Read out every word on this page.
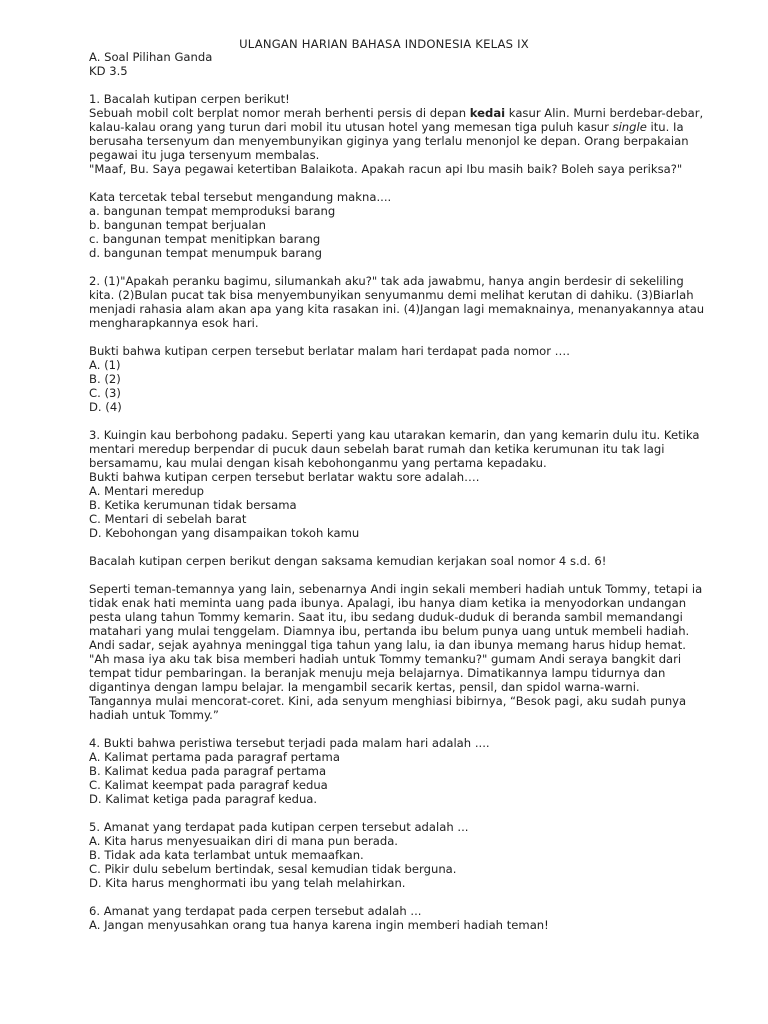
ULANGAN HARIAN BAHASA INDONESIA KELAS IX
A. Soal Pilihan Ganda
KD 3.5
1. Bacalah kutipan cerpen berikut!
Sebuah mobil colt berplat nomor merah berhenti persis di depan kedai kasur Alin. Murni berdebar-debar,
kalau-kalau orang yang turun dari mobil itu utusan hotel yang memesan tiga puluh kasur single itu. Ia
berusaha tersenyum dan menyembunyikan giginya yang terlalu menonjol ke depan. Orang berpakaian
pegawai itu juga tersenyum membalas.
"Maaf, Bu. Saya pegawai ketertiban Balaikota. Apakah racun api Ibu masih baik? Boleh saya periksa?"
Kata tercetak tebal tersebut mengandung makna....
a. bangunan tempat memproduksi barang
b. bangunan tempat berjualan
c. bangunan tempat menitipkan barang
d. bangunan tempat menumpuk barang
2. (1)"Apakah peranku bagimu, silumankah aku?" tak ada jawabmu, hanya angin berdesir di sekeliling
kita. (2)Bulan pucat tak bisa menyembunyikan senyumanmu demi melihat kerutan di dahiku. (3)Biarlah
menjadi rahasia alam akan apa yang kita rasakan ini. (4)Jangan lagi memaknainya, menanyakannya atau
mengharapkannya esok hari.
Bukti bahwa kutipan cerpen tersebut berlatar malam hari terdapat pada nomor ….
A. (1)
B. (2)
C. (3)
D. (4)
3. Kuingin kau berbohong padaku. Seperti yang kau utarakan kemarin, dan yang kemarin dulu itu. Ketika
mentari meredup berpendar di pucuk daun sebelah barat rumah dan ketika kerumunan itu tak lagi
bersamamu, kau mulai dengan kisah kebohonganmu yang pertama kepadaku.
Bukti bahwa kutipan cerpen tersebut berlatar waktu sore adalah….
A. Mentari meredup
B. Ketika kerumunan tidak bersama
C. Mentari di sebelah barat
D. Kebohongan yang disampaikan tokoh kamu
Bacalah kutipan cerpen berikut dengan saksama kemudian kerjakan soal nomor 4 s.d. 6!
Seperti teman-temannya yang lain, sebenarnya Andi ingin sekali memberi hadiah untuk Tommy, tetapi ia
tidak enak hati meminta uang pada ibunya. Apalagi, ibu hanya diam ketika ia menyodorkan undangan
pesta ulang tahun Tommy kemarin. Saat itu, ibu sedang duduk-duduk di beranda sambil memandangi
matahari yang mulai tenggelam. Diamnya ibu, pertanda ibu belum punya uang untuk membeli hadiah.
Andi sadar, sejak ayahnya meninggal tiga tahun yang lalu, ia dan ibunya memang harus hidup hemat.
"Ah masa iya aku tak bisa memberi hadiah untuk Tommy temanku?" gumam Andi seraya bangkit dari
tempat tidur pembaringan. Ia beranjak menuju meja belajarnya. Dimatikannya lampu tidurnya dan
digantinya dengan lampu belajar. Ia mengambil secarik kertas, pensil, dan spidol warna-warni.
Tangannya mulai mencorat-coret. Kini, ada senyum menghiasi bibirnya, “Besok pagi, aku sudah punya
hadiah untuk Tommy.”
4. Bukti bahwa peristiwa tersebut terjadi pada malam hari adalah ....
A. Kalimat pertama pada paragraf pertama
B. Kalimat kedua pada paragraf pertama
C. Kalimat keempat pada paragraf kedua
D. Kalimat ketiga pada paragraf kedua.
5. Amanat yang terdapat pada kutipan cerpen tersebut adalah ...
A. Kita harus menyesuaikan diri di mana pun berada.
B. Tidak ada kata terlambat untuk memaafkan.
C. Pikir dulu sebelum bertindak, sesal kemudian tidak berguna.
D. Kita harus menghormati ibu yang telah melahirkan.
6. Amanat yang terdapat pada cerpen tersebut adalah ...
A. Jangan menyusahkan orang tua hanya karena ingin memberi hadiah teman!
